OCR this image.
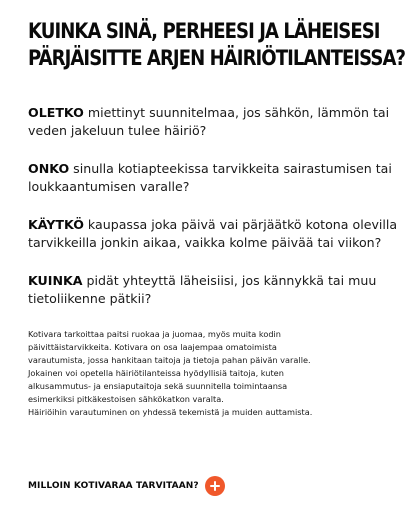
KUINKA SINÄ, PERHEESI JA LÄHEISESI
PÄRJÄISITTE ARJEN HÄIRIÖTILANTEISSA?

OLETKO miettinyt suunnitelmaa, jos sähkön, lämmön tai veden jakeluun tulee häiriö?

ONKO sinulla kotiapteekissa tarvikkeita sairastumisen tai loukkaantumisen varalle?

KÄYTKÖ kaupassa joka päivä vai pärjäätkö kotona olevilla tarvikkeilla jonkin aikaa, vaikka kolme päivää tai viikon?

KUINKA pidät yhteyttä läheisiisi, jos kännykkä tai muu tietoliikenne pätkii?

Kotivara tarkoittaa paitsi ruokaa ja juomaa, myös muita kodin
päivittäistarvikkeita. Kotivara on osa laajempaa omatoimista
varautumista, jossa hankitaan taitoja ja tietoja pahan päivän varalle.
Jokainen voi opetella häiriötilanteissa hyödyllisiä taitoja, kuten
alkusammutus- ja ensiaputaitoja sekä suunnitella toimintaansa
esimerkiksi pitkäkestoisen sähkökatkon varalta.
Häiriöihin varautuminen on yhdessä tekemistä ja muiden auttamista.
MILLOIN KOTIVARAA TARVITAAN?
